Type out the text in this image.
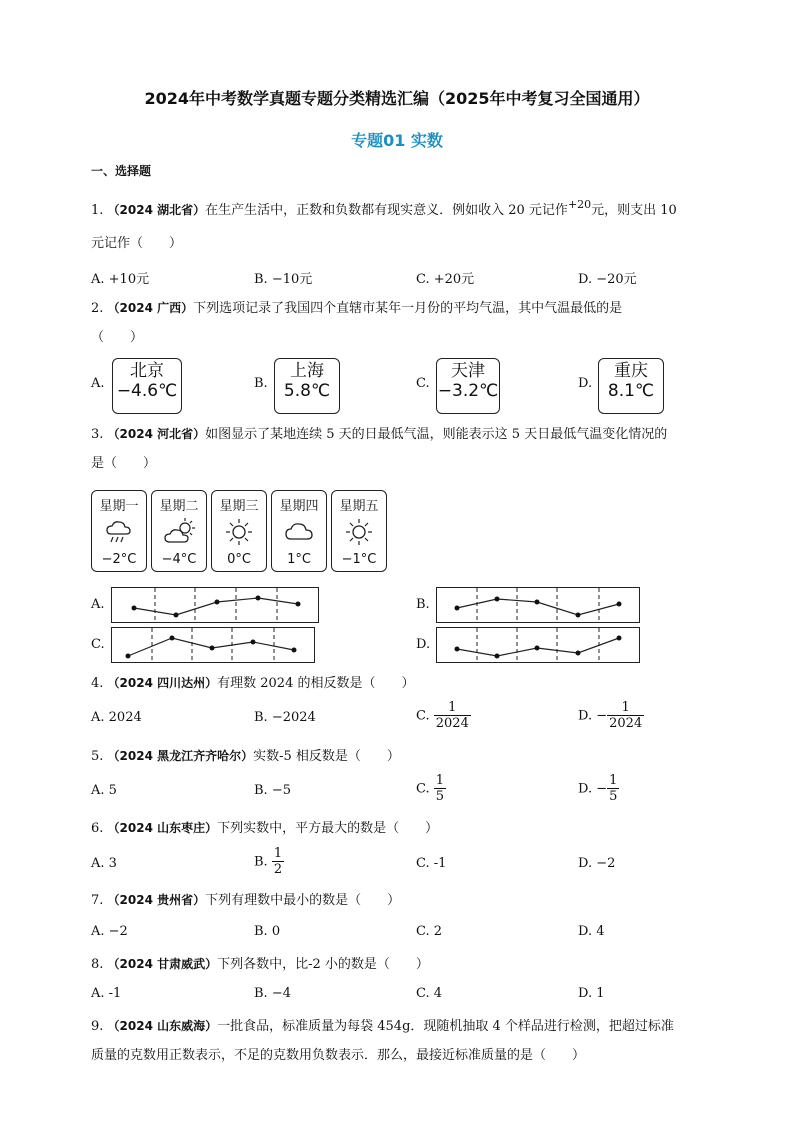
2024年中考数学真题专题分类精选汇编（2025年中考复习全国通用）
专题01 实数
一、选择题
1. （2024 湖北省）在生产生活中，正数和负数都有现实意义．例如收入 20 元记作$^{+20}$元，则支出 10
元记作（　　）
A. +10元	B. −10元	C. +20元	D. −20元
2. （2024 广西）下列选项记录了我国四个直辖市某年一月份的平均气温，其中气温最低的是
（　　）
A.
北京
−4.6℃	B.
上海
5.8℃	C.
天津
−3.2℃	D.
重庆
8.1℃
3. （2024 河北省）如图显示了某地连续 5 天的日最低气温，则能表示这 5 天日最低气温变化情况的
是（　　）
星期一
−2°C
星期二
−4°C
星期三
0°C
星期四
1°C
星期五
−1°C
A.	B.
C.	D.
4. （2024 四川达州）有理数 2024 的相反数是（　　）
A. 2024	B. −2024	C. $\frac{1}{2024}$	D. − $\frac{1}{2024}$
5. （2024 黑龙江齐齐哈尔）实数-5 相反数是（　　）
A. 5	B. −5	C. $\frac{1}{5}$	D. − $\frac{1}{5}$
6. （2024 山东枣庄）下列实数中，平方最大的数是（　　）
A. 3	B. $\frac{1}{2}$	C. -1	D. −2
7. （2024 贵州省）下列有理数中最小的数是（　　）
A. −2	B. 0	C. 2	D. 4
8. （2024 甘肃威武）下列各数中，比-2 小的数是（　　）
A. -1	B. −4	C. 4	D. 1
9. （2024 山东威海）一批食品，标准质量为每袋 454g．现随机抽取 4 个样品进行检测，把超过标准
质量的克数用正数表示，不足的克数用负数表示．那么，最接近标准质量的是（　　）
